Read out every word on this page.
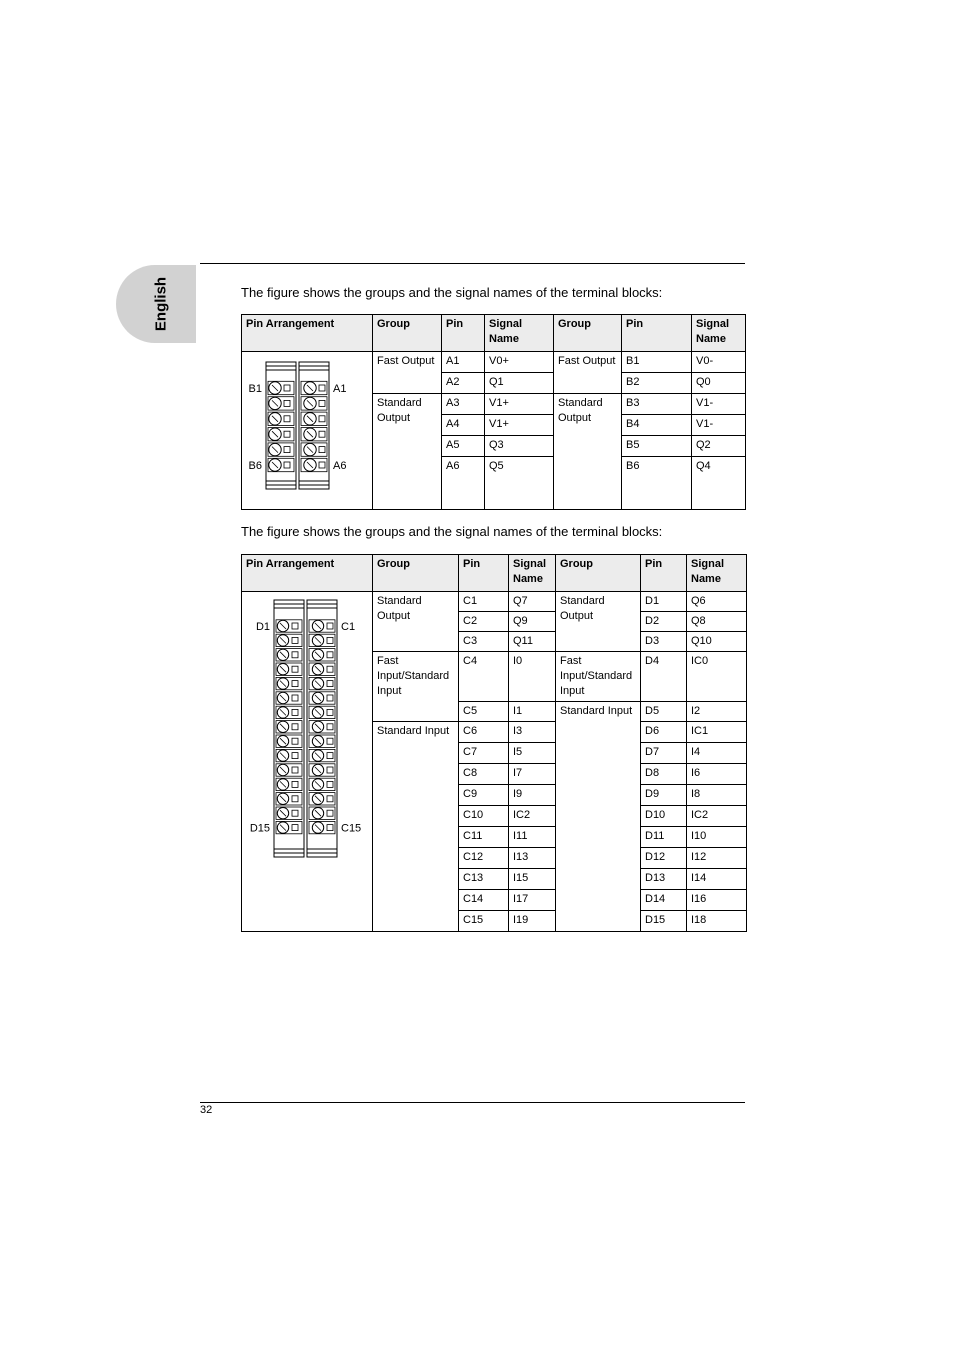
English	The figure shows the groups and the signal names of the terminal blocks:
Pin Arrangement	Group	Pin	Signal Name	Group	Pin	Signal Name

B1 A1
B6 A6	Fast Output	A1	V0+	Fast Output	B1	V0-
		A2	Q1		B2	Q0
	Standard Output	A3	V1+	Standard Output	B3	V1-
		A4	V1+		B4	V1-
		A5	Q3		B5	Q2
		A6	Q5		B6	Q4
The figure shows the groups and the signal names of the terminal blocks:
Pin Arrangement	Group	Pin	Signal Name	Group	Pin	Signal Name

D1 C1
D15 C15	Standard Output	C1	Q7	Standard Output	D1	Q6
		C2	Q9		D2	Q8
		C3	Q11		D3	Q10
	Fast Input/Standard Input	C4	I0	Fast Input/Standard Input	D4	IC0
		C5	I1	Standard Input	D5	I2
	Standard Input	C6	I3		D6	IC1
		C7	I5		D7	I4
		C8	I7		D8	I6
		C9	I9		D9	I8
		C10	IC2		D10	IC2
		C11	I11		D11	I10
		C12	I13		D12	I12
		C13	I15		D13	I14
		C14	I17		D14	I16
		C15	I19		D15	I18
32
